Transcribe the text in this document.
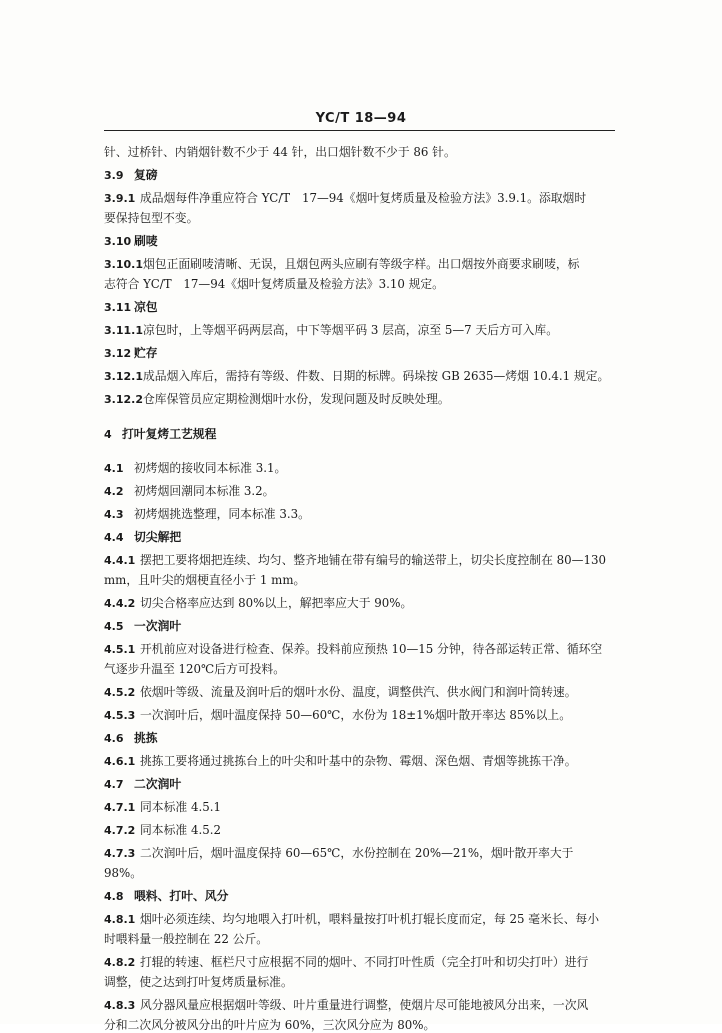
YC/T 18—94
针、过桥针、内销烟针数不少于 44 针，出口烟针数不少于 86 针。
3.9 复磅
3.9.1 成品烟每件净重应符合 YC/T　17—94《烟叶复烤质量及检验方法》3.9.1。添取烟时
要保持包型不变。
3.10 刷唛
3.10.1烟包正面刷唛清晰、无误，且烟包两头应刷有等级字样。出口烟按外商要求刷唛，标
志符合 YC/T　17—94《烟叶复烤质量及检验方法》3.10 规定。
3.11 凉包
3.11.1凉包时，上等烟平码两层高，中下等烟平码 3 层高，凉至 5—7 天后方可入库。
3.12 贮存
3.12.1成品烟入库后，需持有等级、件数、日期的标牌。码垛按 GB 2635—烤烟 10.4.1 规定。
3.12.2仓库保管员应定期检测烟叶水份，发现问题及时反映处理。
4 打叶复烤工艺规程
4.1 初烤烟的接收同本标准 3.1。
4.2 初烤烟回潮同本标准 3.2。
4.3 初烤烟挑选整理，同本标准 3.3。
4.4 切尖解把
4.4.1 摆把工要将烟把连续、均匀、整齐地铺在带有编号的输送带上，切尖长度控制在 80—130
mm，且叶尖的烟梗直径小于 1 mm。
4.4.2 切尖合格率应达到 80%以上，解把率应大于 90%。
4.5 一次润叶
4.5.1 开机前应对设备进行检查、保养。投料前应预热 10—15 分钟，待各部运转正常、循环空
气逐步升温至 120℃后方可投料。
4.5.2 依烟叶等级、流量及润叶后的烟叶水份、温度，调整供汽、供水阀门和润叶筒转速。
4.5.3 一次润叶后，烟叶温度保持 50—60℃，水份为 18±1%烟叶散开率达 85%以上。
4.6 挑拣
4.6.1 挑拣工要将通过挑拣台上的叶尖和叶基中的杂物、霉烟、深色烟、青烟等挑拣干净。
4.7 二次润叶
4.7.1 同本标准 4.5.1
4.7.2 同本标准 4.5.2
4.7.3 二次润叶后，烟叶温度保持 60—65℃，水份控制在 20%—21%，烟叶散开率大于
98%。
4.8 喂料、打叶、风分
4.8.1 烟叶必须连续、均匀地喂入打叶机，喂料量按打叶机打辊长度而定，每 25 毫米长、每小
时喂料量一般控制在 22 公斤。
4.8.2 打辊的转速、框栏尺寸应根据不同的烟叶、不同打叶性质（完全打叶和切尖打叶）进行
调整，使之达到打叶复烤质量标准。
4.8.3 风分器风量应根据烟叶等级、叶片重量进行调整，使烟片尽可能地被风分出来，一次风
分和二次风分被风分出的叶片应为 60%，三次风分应为 80%。
